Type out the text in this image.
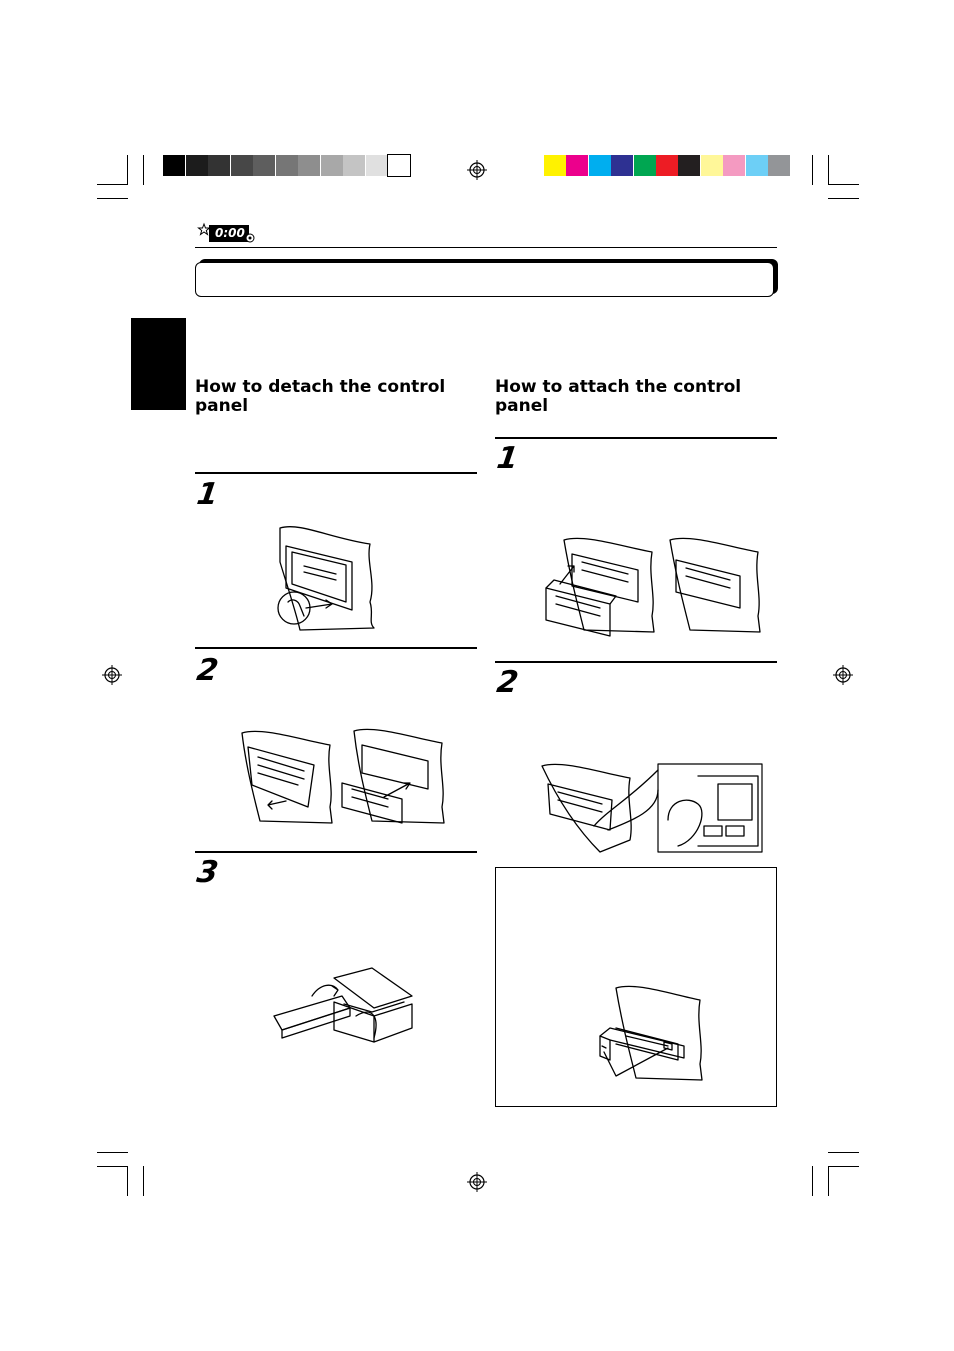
0:00
How to detach the control
panel
1
2
3
How to attach the control
panel
1
2
